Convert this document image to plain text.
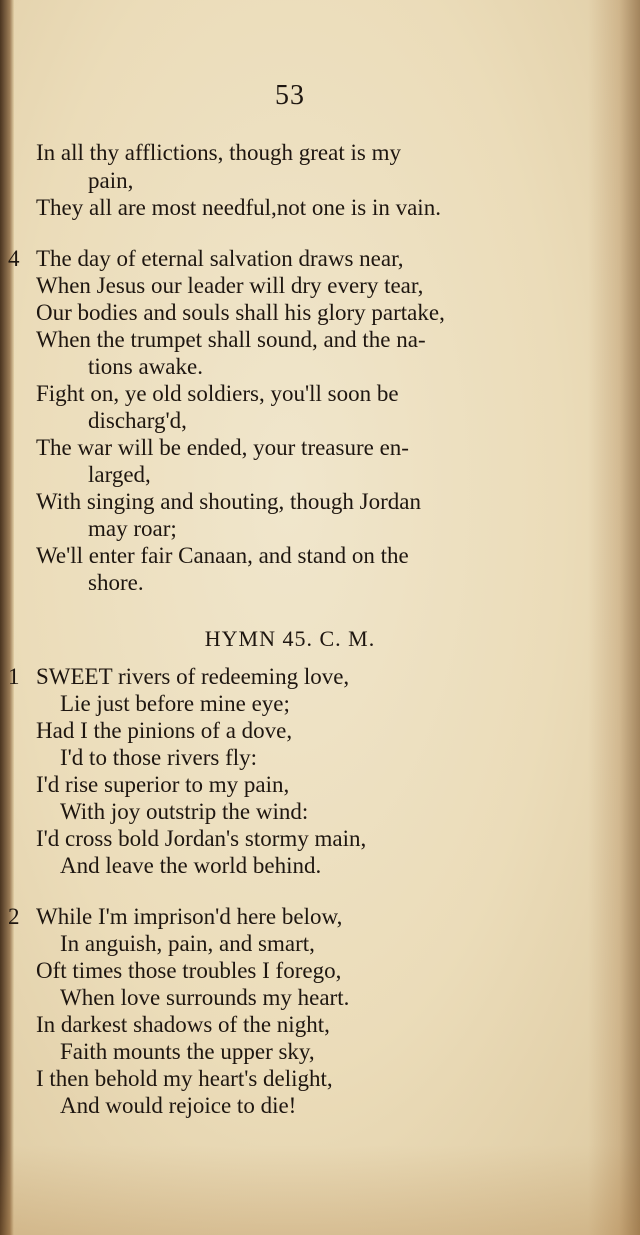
53
In all thy afflictions, though great is my
pain,
They all are most needful,not one is in vain.
4 The day of eternal salvation draws near,
When Jesus our leader will dry every tear,
Our bodies and souls shall his glory partake,
When the trumpet shall sound, and the na-
tions awake.
Fight on, ye old soldiers, you'll soon be
discharg'd,
The war will be ended, your treasure en-
larged,
With singing and shouting, though Jordan
may roar;
We'll enter fair Canaan, and stand on the
shore.
HYMN 45. C. M.
1 SWEET rivers of redeeming love,
Lie just before mine eye;
Had I the pinions of a dove,
I'd to those rivers fly:
I'd rise superior to my pain,
With joy outstrip the wind:
I'd cross bold Jordan's stormy main,
And leave the world behind.
2 While I'm imprison'd here below,
In anguish, pain, and smart,
Oft times those troubles I forego,
When love surrounds my heart.
In darkest shadows of the night,
Faith mounts the upper sky,
I then behold my heart's delight,
And would rejoice to die!
